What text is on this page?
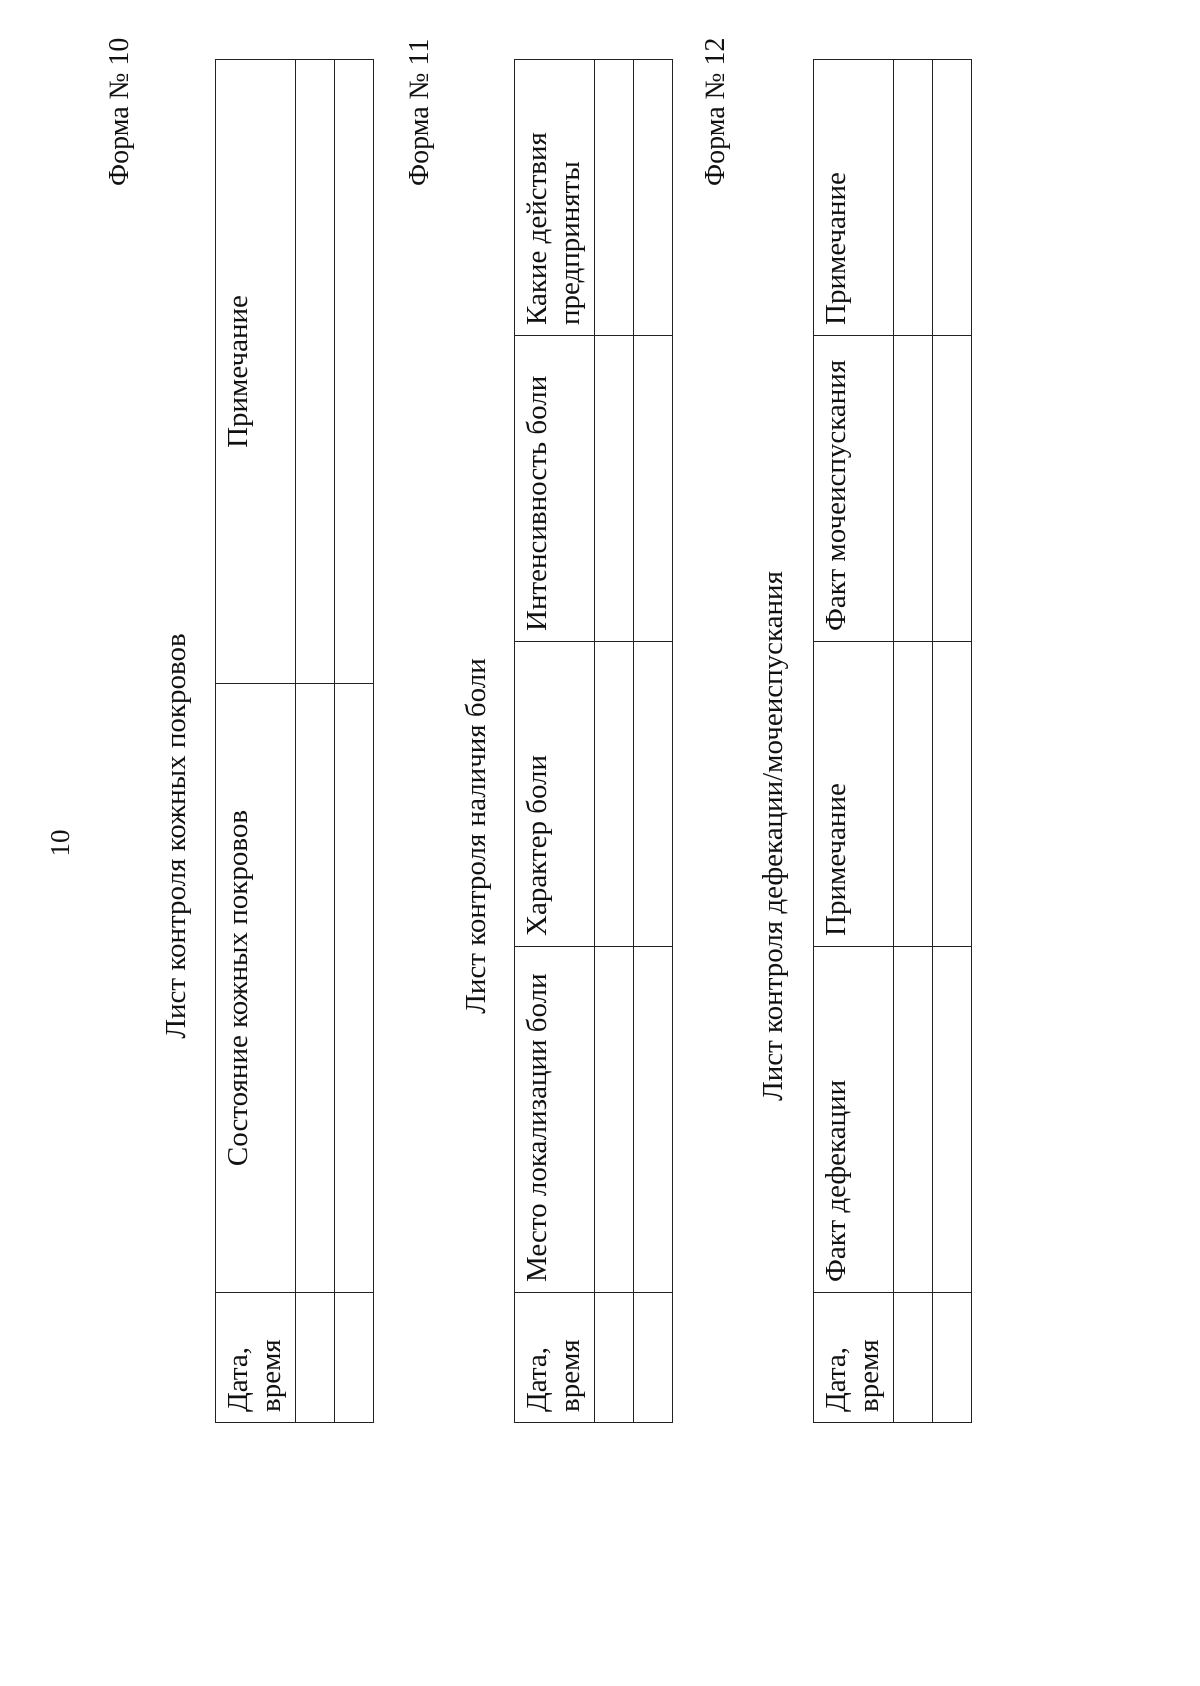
10
Форма № 10
Лист контроля кожных покровов
Дата, время	Состояние кожных покровов	Примечание

Форма № 11
Лист контроля наличия боли
Дата, время	Место локализации боли	Характер боли	Интенсивность боли	Какие действия предприняты

Форма № 12
Лист контроля дефекации/мочеиспускания
Дата, время	Факт дефекации	Примечание	Факт мочеиспускания	Примечание
